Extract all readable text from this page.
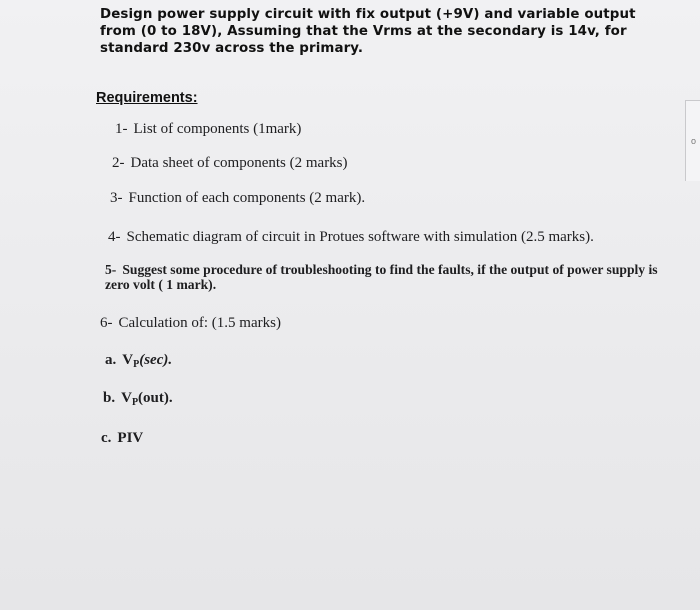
o
Design power supply circuit with fix output (+9V) and variable output from (0 to 18V), Assuming that the Vrms at the secondary is 14v, for standard 230v across the primary.
Requirements:
1- List of components (1mark)
2- Data sheet of components (2 marks)
3- Function of each components (2 mark).
4- Schematic diagram of circuit in Protues software with simulation (2.5 marks).
5- Suggest some procedure of troubleshooting to find the faults, if the output of power supply is zero volt ( 1 mark).
6- Calculation of: (1.5 marks)
a. $V_P(\sec)$.
b. $V_P(out)$.
c. PIV
